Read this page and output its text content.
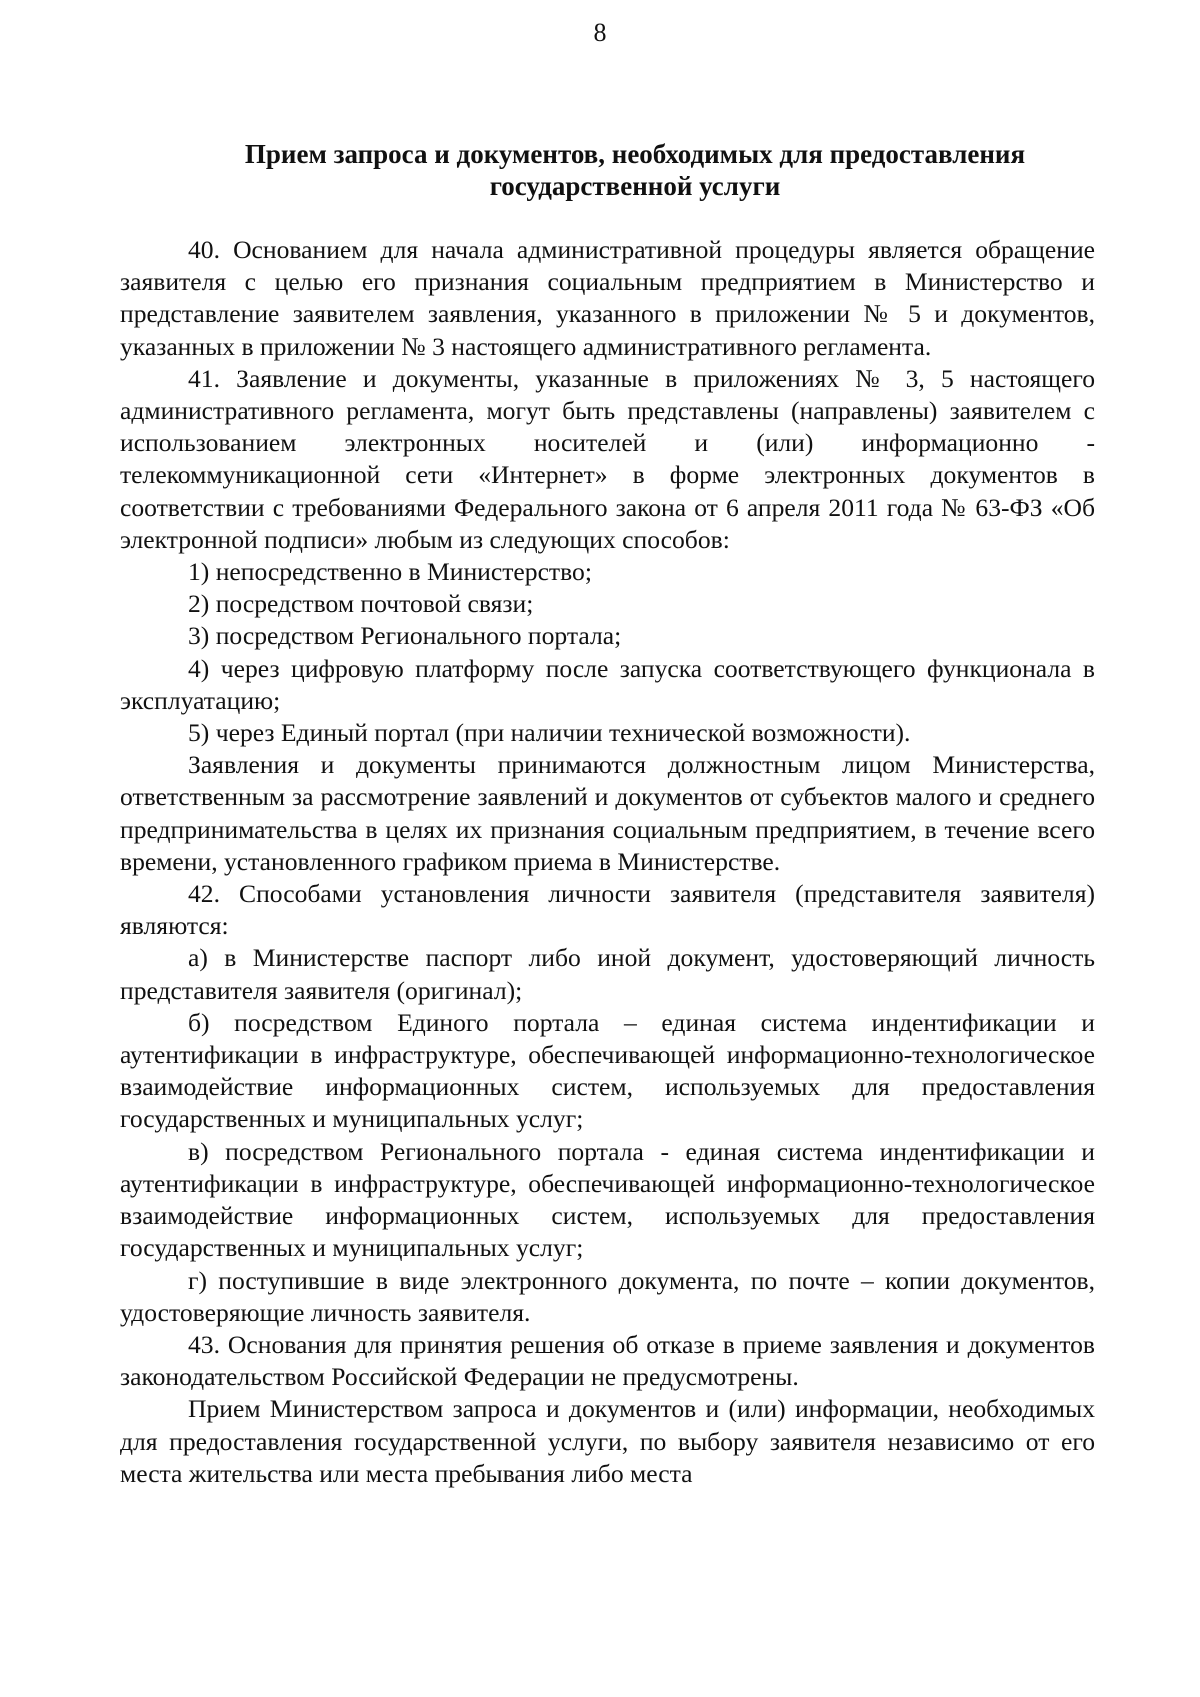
8
Прием запроса и документов, необходимых для предоставления
государственной услуги

40. Основанием для начала административной процедуры является обращение заявителя с целью его признания социальным предприятием в Министерство и представление заявителем заявления, указанного в приложении № 5 и документов, указанных в приложении № 3 настоящего административного регламента.

41. Заявление и документы, указанные в приложениях № 3, 5 настоящего административного регламента, могут быть представлены (направлены) заявителем с использованием электронных носителей и (или) информационно - телекоммуникационной сети «Интернет» в форме электронных документов в соответствии с требованиями Федерального закона от 6 апреля 2011 года № 63-ФЗ «Об электронной подписи» любым из следующих способов:

1) непосредственно в Министерство;

2) посредством почтовой связи;

3) посредством Регионального портала;

4) через цифровую платформу после запуска соответствующего функционала в эксплуатацию;

5) через Единый портал (при наличии технической возможности).

Заявления и документы принимаются должностным лицом Министерства, ответственным за рассмотрение заявлений и документов от субъектов малого и среднего предпринимательства в целях их признания социальным предприятием, в течение всего времени, установленного графиком приема в Министерстве.

42. Способами установления личности заявителя (представителя заявителя) являются:

а) в Министерстве паспорт либо иной документ, удостоверяющий личность представителя заявителя (оригинал);

б) посредством Единого портала – единая система индентификации и аутентификации в инфраструктуре, обеспечивающей информационно-технологическое взаимодействие информационных систем, используемых для предоставления государственных и муниципальных услуг;

в) посредством Регионального портала - единая система индентификации и аутентификации в инфраструктуре, обеспечивающей информационно-технологическое взаимодействие информационных систем, используемых для предоставления государственных и муниципальных услуг;

г) поступившие в виде электронного документа, по почте – копии документов, удостоверяющие личность заявителя.

43. Основания для принятия решения об отказе в приеме заявления и документов законодательством Российской Федерации не предусмотрены.

Прием Министерством запроса и документов и (или) информации, необходимых для предоставления государственной услуги, по выбору заявителя независимо от его места жительства или места пребывания либо места
